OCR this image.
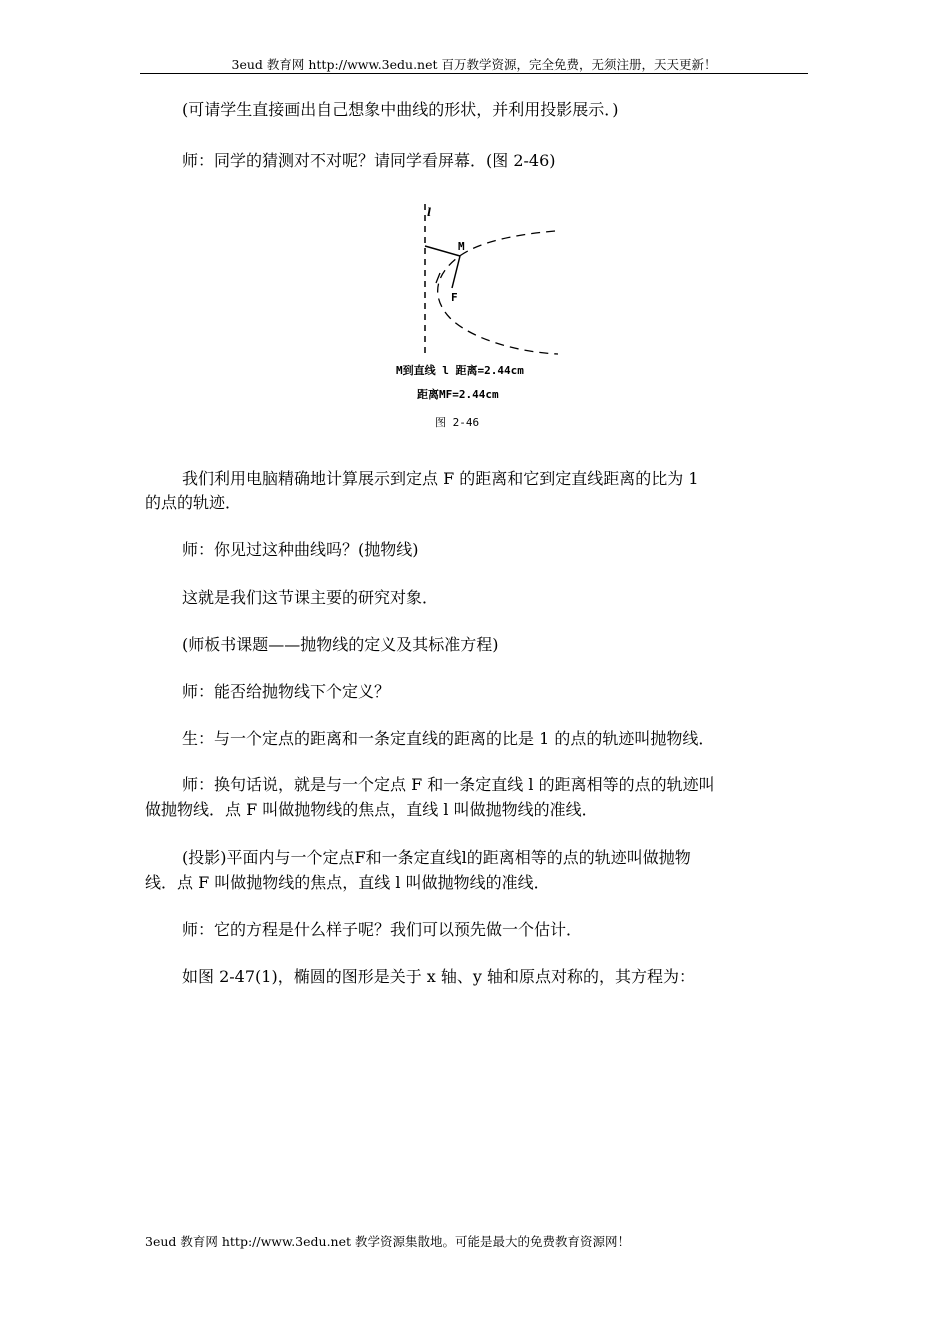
3eud 教育网 http://www.3edu.net 百万教学资源，完全免费，无须注册，天天更新！
(可请学生直接画出自己想象中曲线的形状，并利用投影展示．)
师：同学的猜测对不对呢？请同学看屏幕．(图 2-46)
l
M
F
M到直线 l 距离=2.44cm
距离MF=2.44cm
图 2-46
我们利用电脑精确地计算展示到定点 F 的距离和它到定直线距离的比为 1
的点的轨迹．
师：你见过这种曲线吗？(抛物线)
这就是我们这节课主要的研究对象．
(师板书课题——抛物线的定义及其标准方程)
师：能否给抛物线下个定义？
生：与一个定点的距离和一条定直线的距离的比是 1 的点的轨迹叫抛物线．
师：换句话说，就是与一个定点 F 和一条定直线 l 的距离相等的点的轨迹叫
做抛物线．点 F 叫做抛物线的焦点，直线 l 叫做抛物线的准线．
(投影)平面内与一个定点F和一条定直线l的距离相等的点的轨迹叫做抛物
线．点 F 叫做抛物线的焦点，直线 l 叫做抛物线的准线．
师：它的方程是什么样子呢？我们可以预先做一个估计．
如图 2-47(1)，椭圆的图形是关于 x 轴、y 轴和原点对称的，其方程为：
3eud 教育网 http://www.3edu.net 教学资源集散地。可能是最大的免费教育资源网！
